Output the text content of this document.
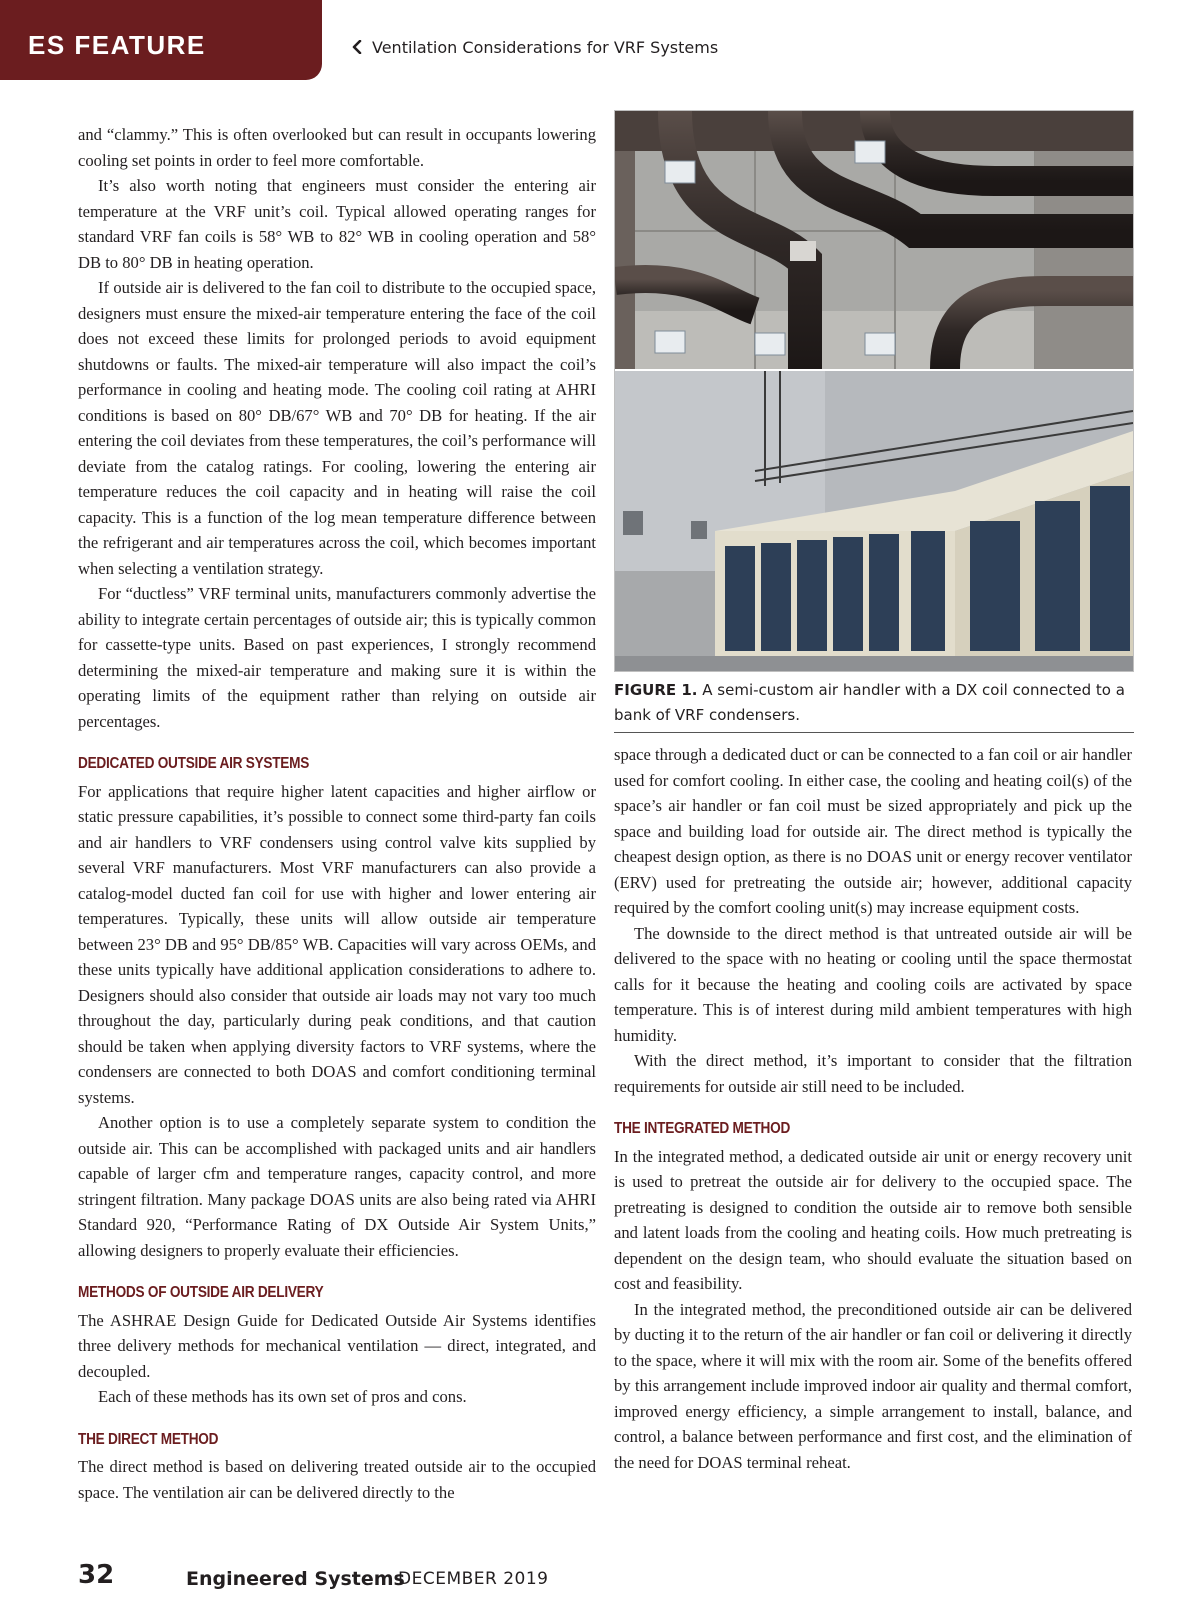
ES FEATURE	Ventilation Considerations for VRF Systems

and “clammy.” This is often overlooked but can result in occupants lowering cooling set points in order to feel more comfortable.

It’s also worth noting that engineers must consider the entering air temperature at the VRF unit’s coil. Typical allowed operating ranges for standard VRF fan coils is 58° WB to 82° WB in cooling operation and 58° DB to 80° DB in heating operation.

If outside air is delivered to the fan coil to distribute to the occupied space, designers must ensure the mixed-air temperature entering the face of the coil does not exceed these limits for prolonged periods to avoid equipment shutdowns or faults. The mixed-air temperature will also impact the coil’s performance in cooling and heating mode. The cooling coil rating at AHRI conditions is based on 80° DB/67° WB and 70° DB for heating. If the air entering the coil deviates from these temperatures, the coil’s performance will deviate from the catalog ratings. For cooling, lowering the entering air temperature reduces the coil capacity and in heating will raise the coil capacity. This is a function of the log mean temperature difference between the refrigerant and air temperatures across the coil, which becomes important when selecting a ventilation strategy.

For “ductless” VRF terminal units, manufacturers commonly advertise the ability to integrate certain percentages of outside air; this is typically common for cassette-type units. Based on past experiences, I strongly recommend determining the mixed-air temperature and making sure it is within the operating limits of the equipment rather than relying on outside air percentages.

DEDICATED OUTSIDE AIR SYSTEMS

For applications that require higher latent capacities and higher airflow or static pressure capabilities, it’s possible to connect some third-party fan coils and air handlers to VRF condensers using control valve kits supplied by several VRF manufacturers. Most VRF manufacturers can also provide a catalog-model ducted fan coil for use with higher and lower entering air temperatures. Typically, these units will allow outside air temperature between 23° DB and 95° DB/85° WB. Capacities will vary across OEMs, and these units typically have additional application considerations to adhere to. Designers should also consider that outside air loads may not vary too much throughout the day, particularly during peak conditions, and that caution should be taken when applying diversity factors to VRF systems, where the condensers are connected to both DOAS and comfort conditioning terminal systems.

Another option is to use a completely separate system to condition the outside air. This can be accomplished with packaged units and air handlers capable of larger cfm and temperature ranges, capacity control, and more stringent filtration. Many package DOAS units are also being rated via AHRI Standard 920, “Performance Rating of DX Outside Air System Units,” allowing designers to properly evaluate their efficiencies.

METHODS OF OUTSIDE AIR DELIVERY

The ASHRAE Design Guide for Dedicated Outside Air Systems identifies three delivery methods for mechanical ventilation — direct, integrated, and decoupled.

Each of these methods has its own set of pros and cons.

THE DIRECT METHOD

The direct method is based on delivering treated outside air to the occupied space. The ventilation air can be delivered directly to the

FIGURE 1. A semi-custom air handler with a DX coil connected to a bank of VRF condensers.

space through a dedicated duct or can be connected to a fan coil or air handler used for comfort cooling. In either case, the cooling and heating coil(s) of the space’s air handler or fan coil must be sized appropriately and pick up the space and building load for outside air. The direct method is typically the cheapest design option, as there is no DOAS unit or energy recover ventilator (ERV) used for pretreating the outside air; however, additional capacity required by the comfort cooling unit(s) may increase equipment costs.

The downside to the direct method is that untreated outside air will be delivered to the space with no heating or cooling until the space thermostat calls for it because the heating and cooling coils are activated by space temperature. This is of interest during mild ambient temperatures with high humidity.

With the direct method, it’s important to consider that the filtration requirements for outside air still need to be included.

THE INTEGRATED METHOD

In the integrated method, a dedicated outside air unit or energy recovery unit is used to pretreat the outside air for delivery to the occupied space. The pretreating is designed to condition the outside air to remove both sensible and latent loads from the cooling and heating coils. How much pretreating is dependent on the design team, who should evaluate the situation based on cost and feasibility.

In the integrated method, the preconditioned outside air can be delivered by ducting it to the return of the air handler or fan coil or delivering it directly to the space, where it will mix with the room air. Some of the benefits offered by this arrangement include improved indoor air quality and thermal comfort, improved energy efficiency, a simple arrangement to install, balance, and control, a balance between performance and first cost, and the elimination of the need for DOAS terminal reheat.

32	Engineered Systems
DECEMBER 2019
